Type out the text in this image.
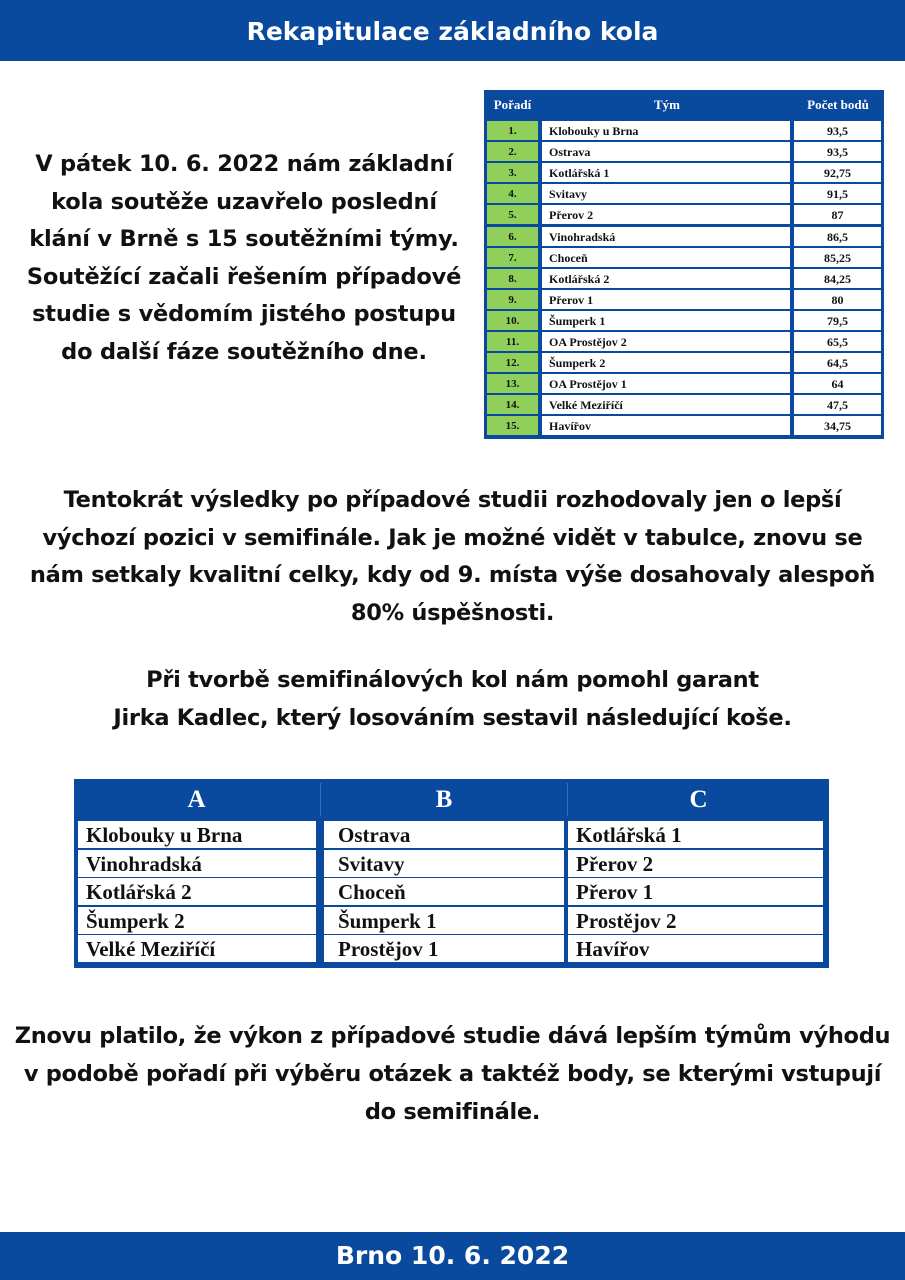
Rekapitulace základního kola
V pátek 10. 6. 2022 nám základní kola soutěže uzavřelo poslední klání v Brně s 15 soutěžními týmy. Soutěžící začali řešením případové studie s vědomím jistého postupu do další fáze soutěžního dne.
Pořadí	Tým	Počet bodů
1.	Klobouky u Brna	93,5
2.	Ostrava	93,5
3.	Kotlářská 1	92,75
4.	Svitavy	91,5
5.	Přerov 2	87
6.	Vinohradská	86,5
7.	Choceň	85,25
8.	Kotlářská 2	84,25
9.	Přerov 1	80
10.	Šumperk 1	79,5
11.	OA Prostějov 2	65,5
12.	Šumperk 2	64,5
13.	OA Prostějov 1	64
14.	Velké Meziříčí	47,5
15.	Havířov	34,75
Tentokrát výsledky po případové studii rozhodovaly jen o lepší výchozí pozici v semifinále. Jak je možné vidět v tabulce, znovu se nám setkaly kvalitní celky, kdy od 9. místa výše dosahovaly alespoň 80% úspěšnosti.
Při tvorbě semifinálových kol nám pomohl garant
Jirka Kadlec, který losováním sestavil následující koše.
A	B	C
Klobouky u Brna	Ostrava	Kotlářská 1
Vinohradská	Svitavy	Přerov 2
Kotlářská 2	Choceň	Přerov 1
Šumperk 2	Šumperk 1	Prostějov 2
Velké Meziříčí	Prostějov 1	Havířov
Znovu platilo, že výkon z případové studie dává lepším týmům výhodu v podobě pořadí při výběru otázek a taktéž body, se kterými vstupují do semifinále.
Brno 10. 6. 2022
